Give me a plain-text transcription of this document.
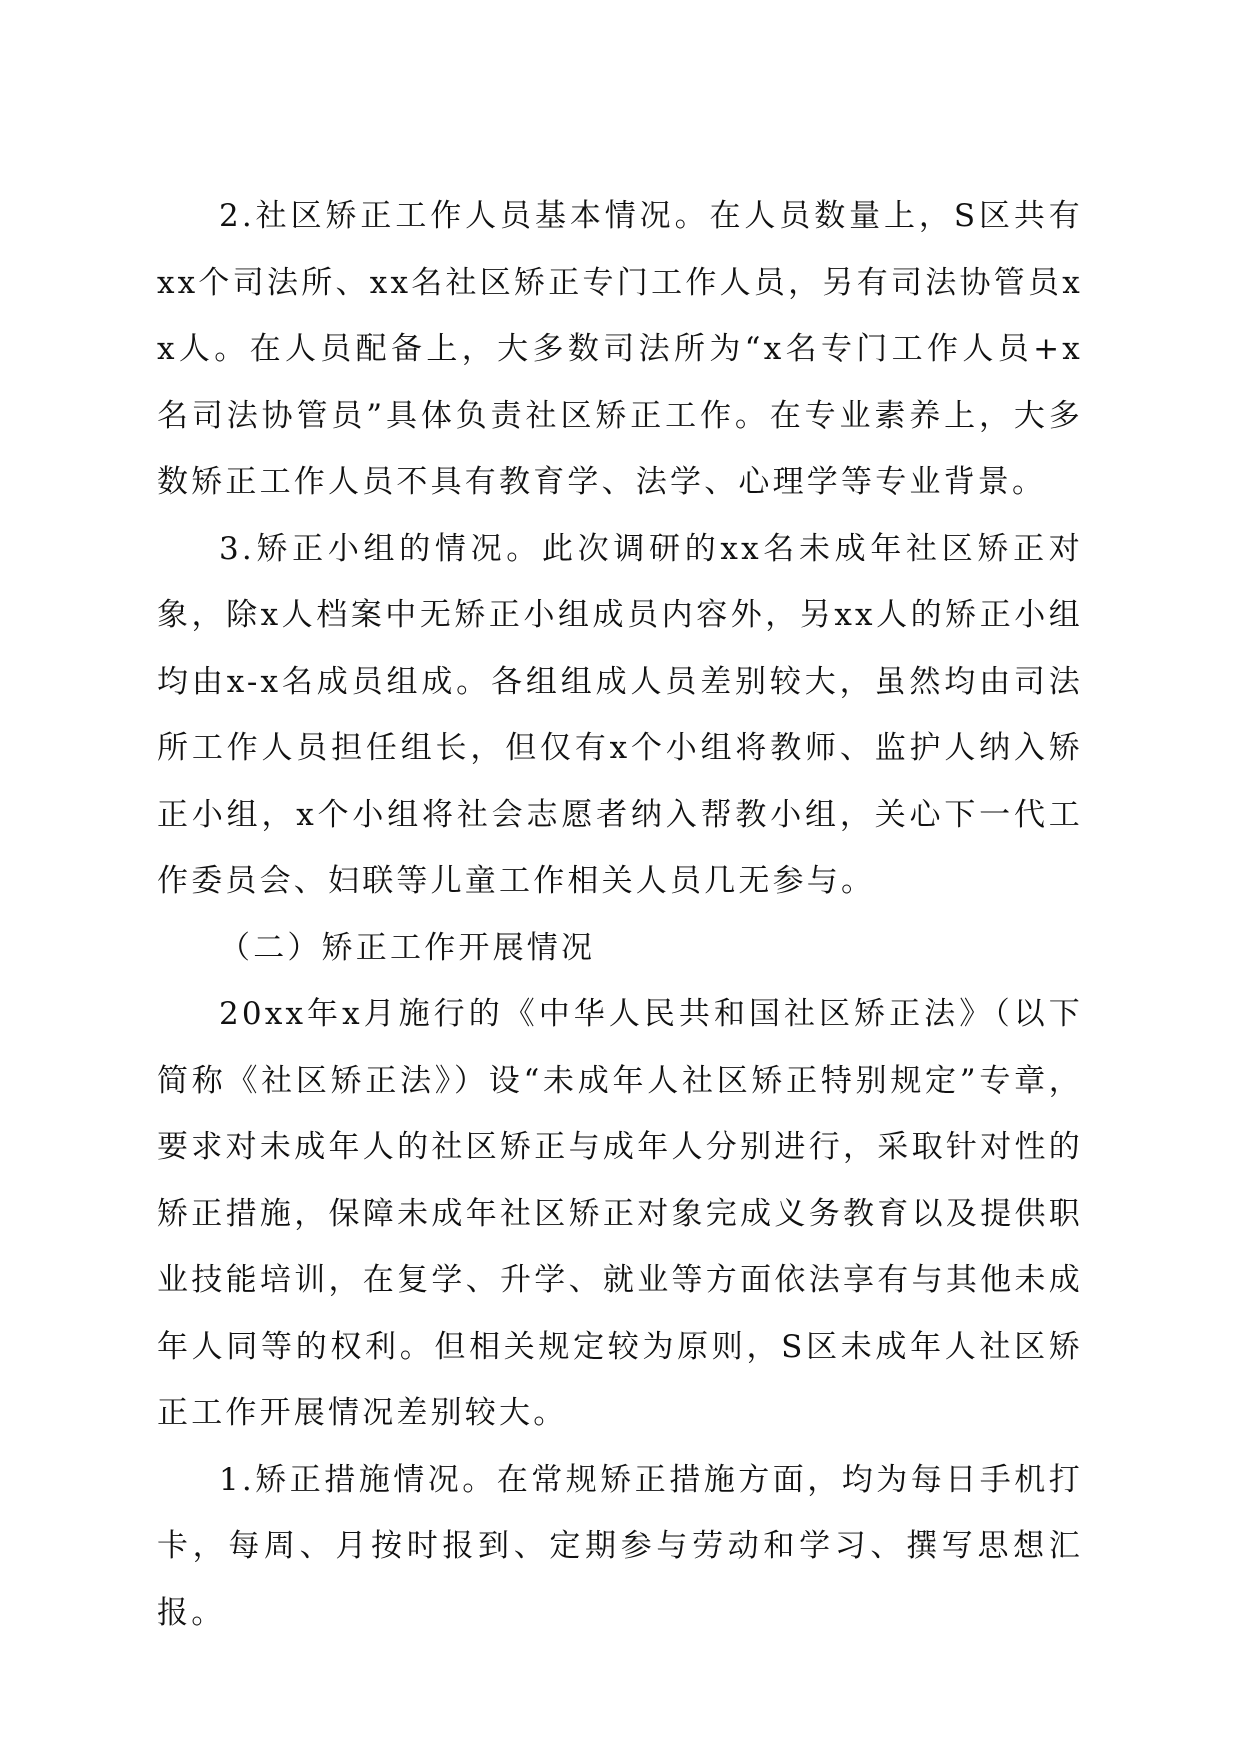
2.社区矫正工作人员基本情况。在人员数量上，S区共有xx个司法所、xx名社区矫正专门工作人员，另有司法协管员xx人。在人员配备上，大多数司法所为“x名专门工作人员+x名司法协管员”具体负责社区矫正工作。在专业素养上，大多数矫正工作人员不具有教育学、法学、心理学等专业背景。

3.矫正小组的情况。此次调研的xx名未成年社区矫正对象，除x人档案中无矫正小组成员内容外，另xx人的矫正小组均由x-x名成员组成。各组组成人员差别较大，虽然均由司法所工作人员担任组长，但仅有x个小组将教师、监护人纳入矫正小组，x个小组将社会志愿者纳入帮教小组，关心下一代工作委员会、妇联等儿童工作相关人员几无参与。

（二）矫正工作开展情况

20xx年x月施行的《中华人民共和国社区矫正法》（以下简称《社区矫正法》）设“未成年人社区矫正特别规定”专章，要求对未成年人的社区矫正与成年人分别进行，采取针对性的矫正措施，保障未成年社区矫正对象完成义务教育以及提供职业技能培训，在复学、升学、就业等方面依法享有与其他未成年人同等的权利。但相关规定较为原则，S区未成年人社区矫正工作开展情况差别较大。

1.矫正措施情况。在常规矫正措施方面，均为每日手机打卡，每周、月按时报到、定期参与劳动和学习、撰写思想汇报。
